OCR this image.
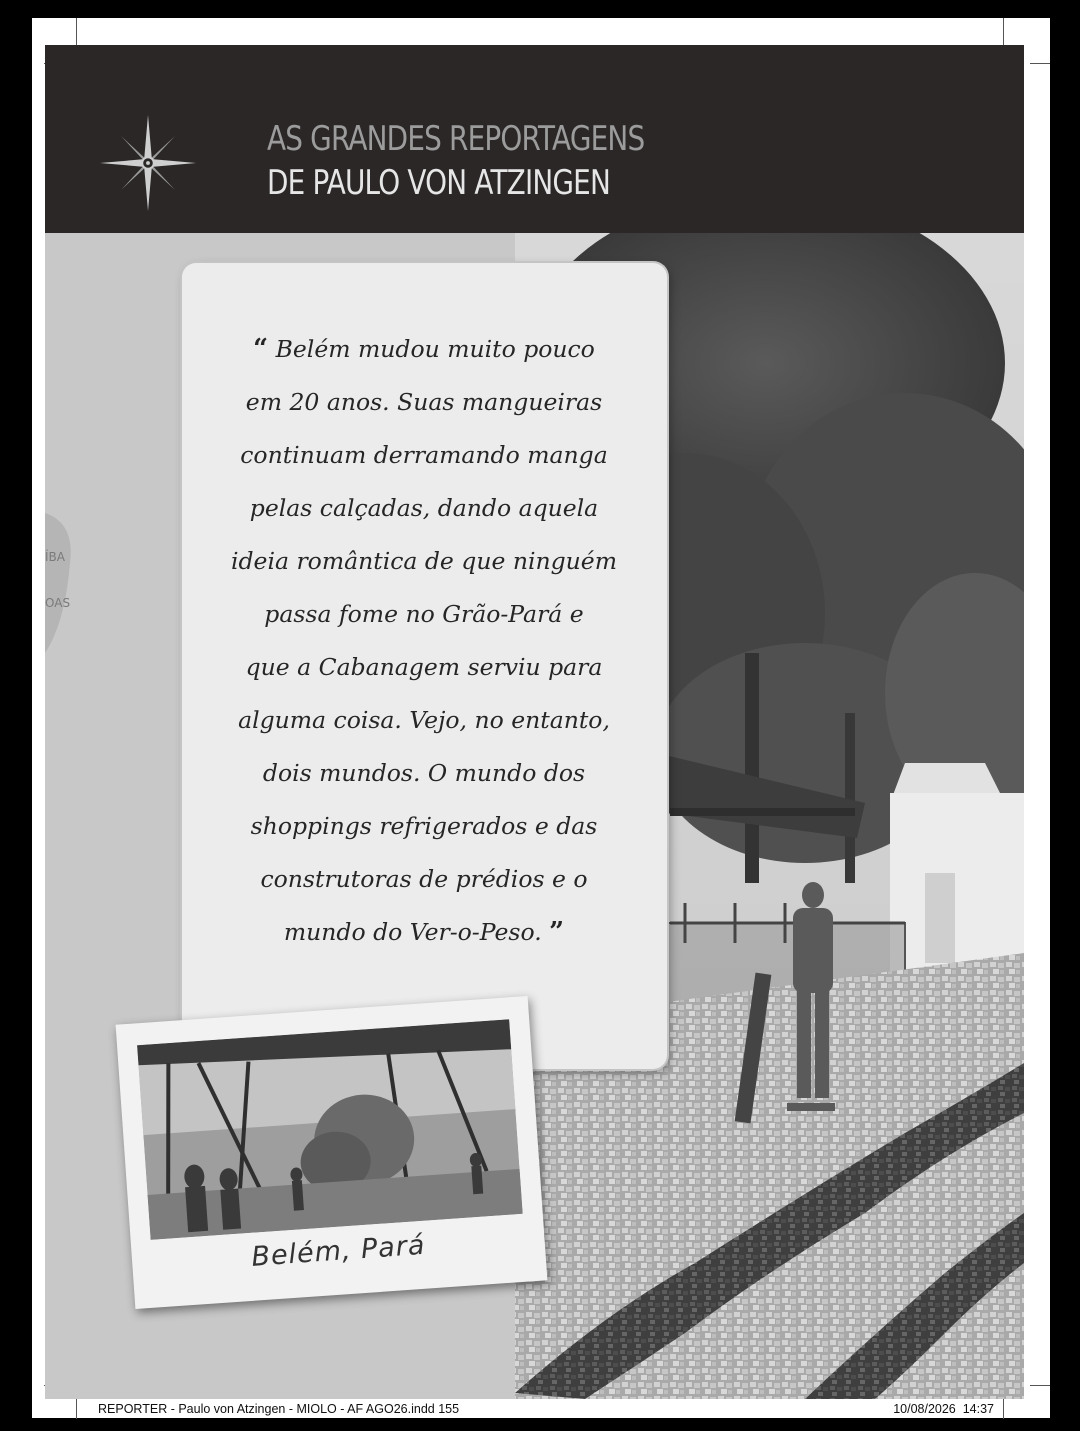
ÍBA
OAS
AS GRANDES REPORTAGENS
DE PAULO VON ATZINGEN

“ Belém mudou muito pouco
em 20 anos. Suas mangueiras
continuam derramando manga
pelas calçadas, dando aquela
ideia romântica de que ninguém
passa fome no Grão-Pará e
que a Cabanagem serviu para
alguma coisa. Vejo, no entanto,
dois mundos. O mundo dos
shoppings refrigerados e das
construtoras de prédios e o
mundo do Ver-o-Peso. ”

Belém, Pará
REPORTER - Paulo von Atzingen - MIOLO - AF AGO26.indd 155	10/08/2026 14:37
